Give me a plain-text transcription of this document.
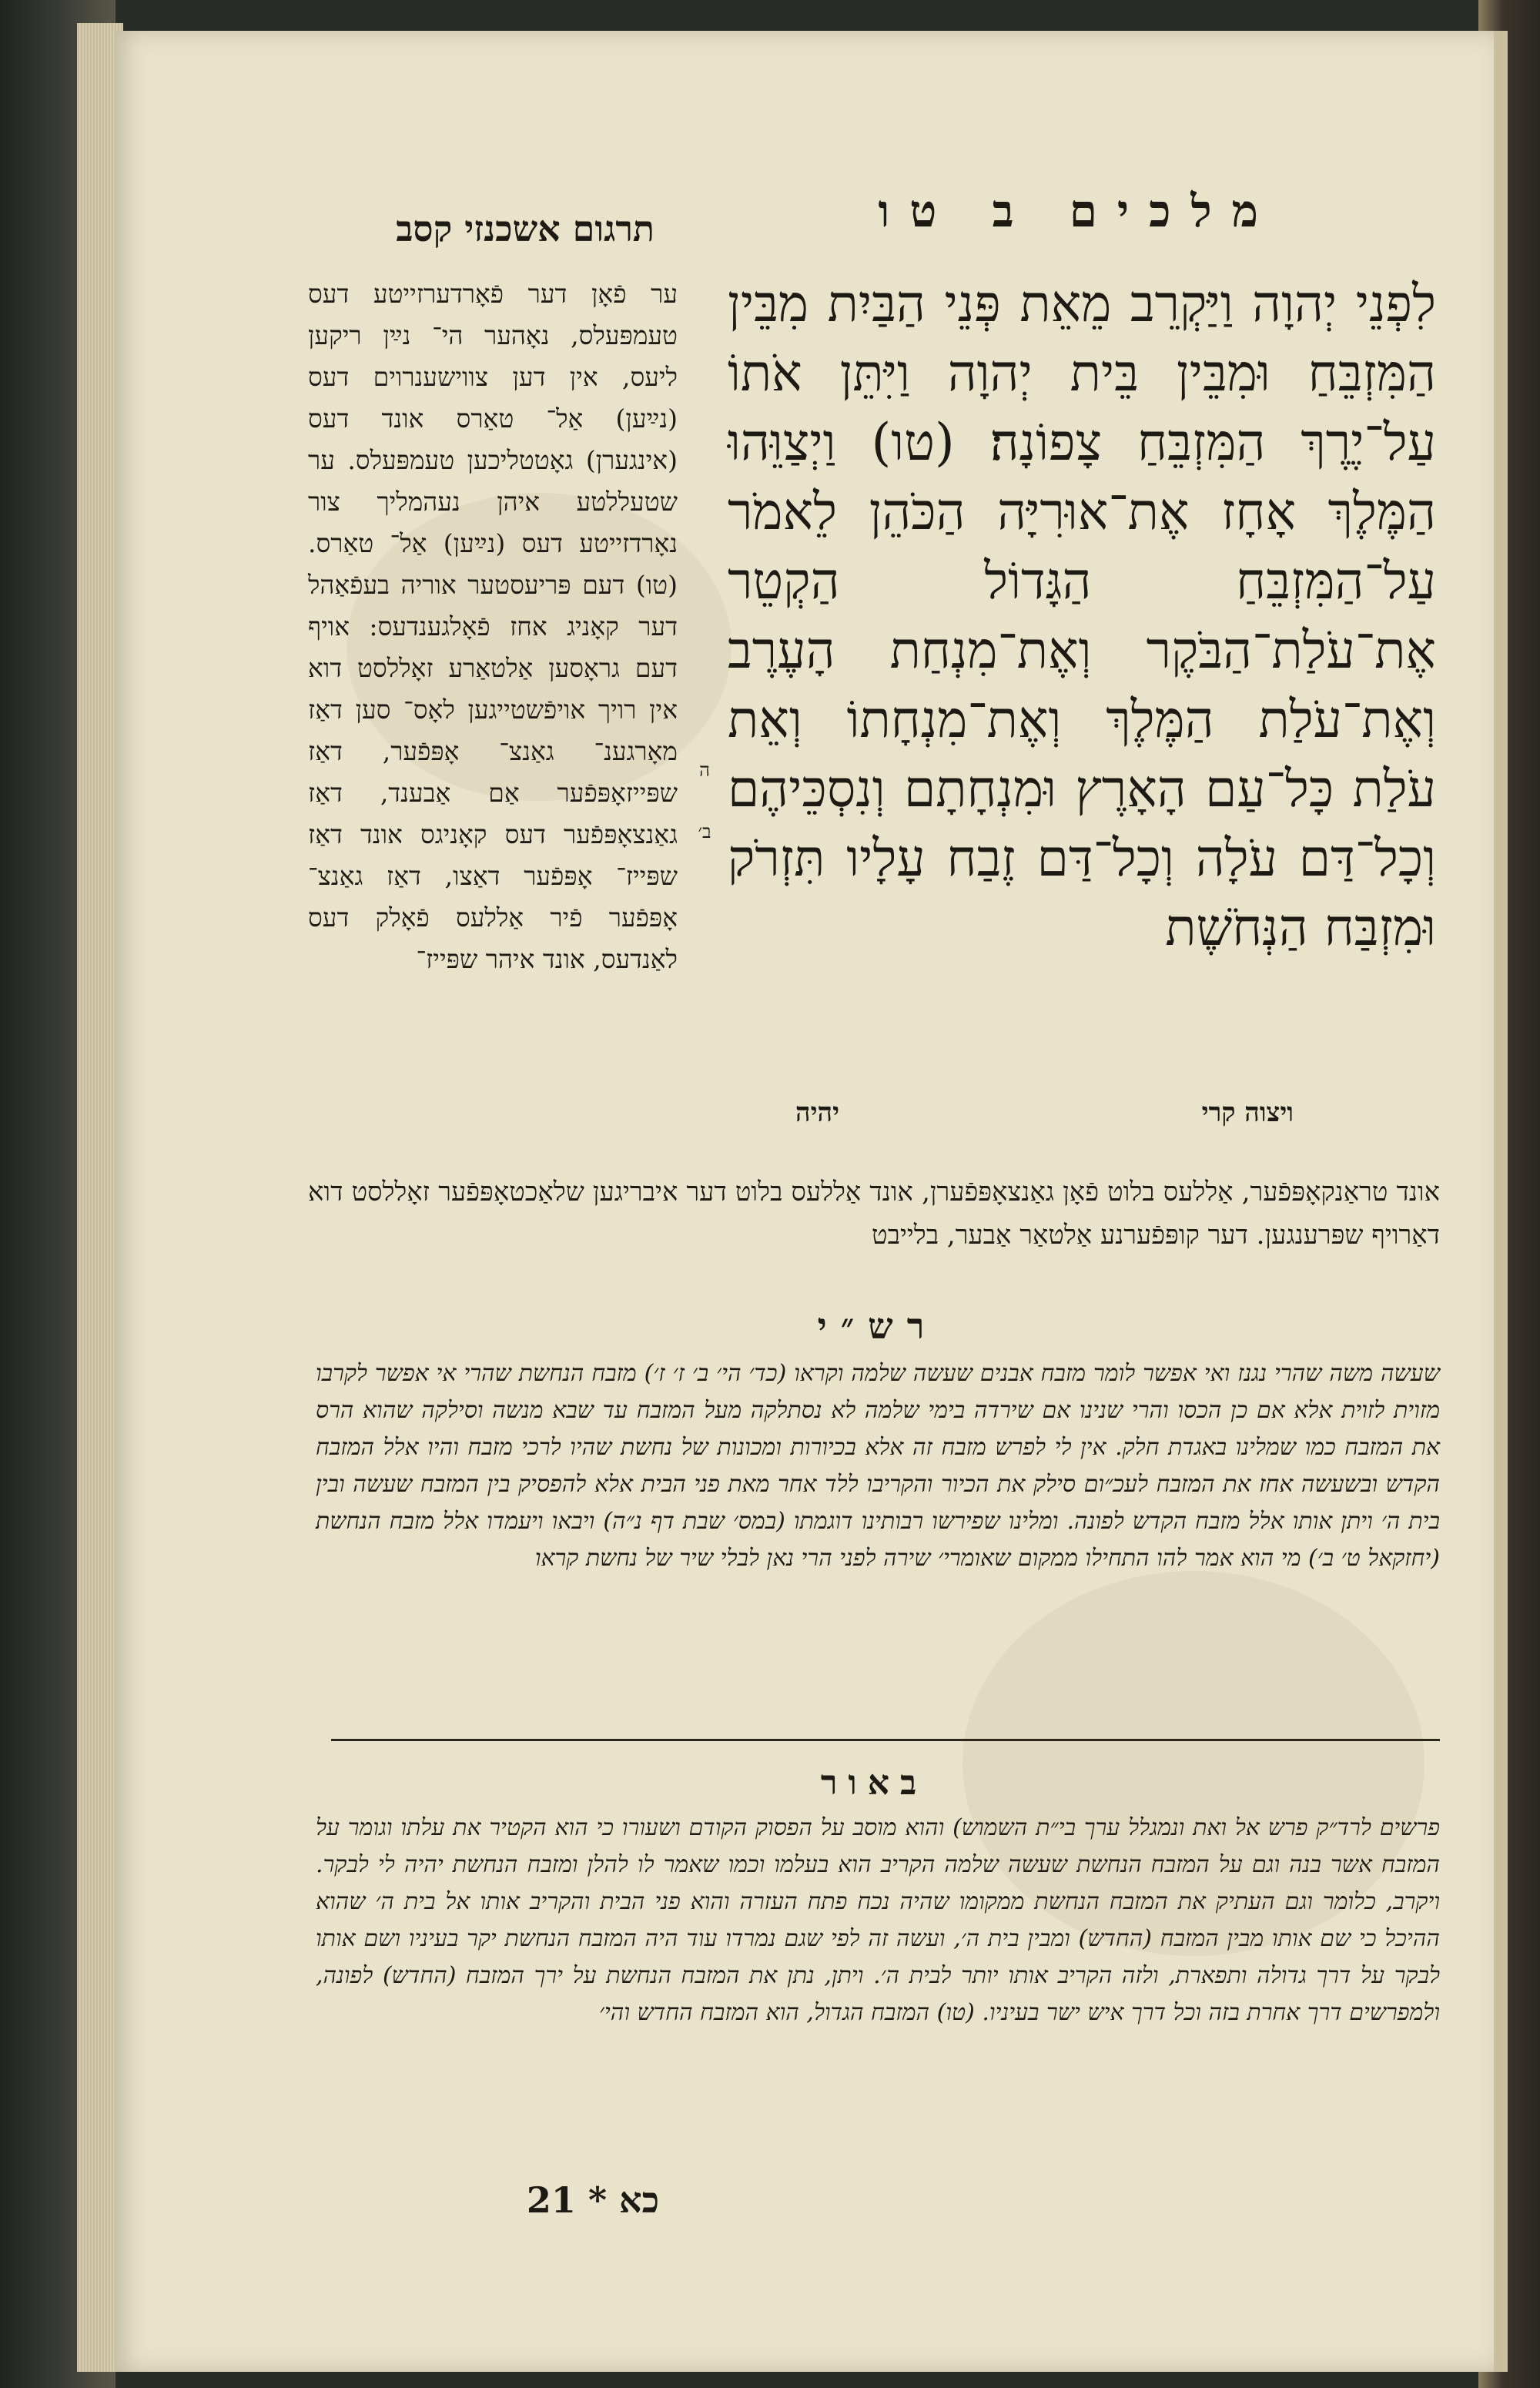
מלכים ב טו
תרגום אשכנזי קסב
לִפְנֵי יְהוָה וַיַּקְרֵב מֵאֵת פְּנֵי הַבַּיִת מִבֵּין הַמִּזְבֵּחַ וּמִבֵּין בֵּית יְהוָה וַיִּתֵּן אֹתוֹ עַל־יֶרֶךְ הַמִּזְבֵּחַ צָפוֹנָה׃ (טו) וַיְצַוֵּהוּ הַמֶּלֶךְ אָחָז אֶת־אוּרִיָּה הַכֹּהֵן לֵאמֹר עַל־הַמִּזְבֵּחַ הַגָּדוֹל הַקְטֵר אֶת־עֹלַת־הַבֹּקֶר וְאֶת־מִנְחַת הָעֶרֶב וְאֶת־עֹלַת הַמֶּלֶךְ וְאֶת־מִנְחָתוֹ וְאֵת עֹלַת כָּל־עַם הָאָרֶץ וּמִנְחָתָם וְנִסְכֵּיהֶם וְכָל־דַּם עֹלָה וְכָל־דַּם זֶבַח עָלָיו תִּזְרֹק וּמִזְבַּח הַנְּחֹשֶׁת
ה
ב׳
ער פֿאָן דער פֿאָרדערזייטע דעס טעמפּעלס, נאָהער הי־ נײַן ריקען ליעס, אין דען צווישענרוים דעס (נײַען) אַל־ טאַרס אונד דעס (אינגערן) גאָטטליכען טעמפּעלס. ער שטעללטע איהן נעהמליך צור נאָרדזייטע דעס (נײַען) אַל־ טאַרס. (טו) דעם פּריעסטער אוריה בעפֿאַהל דער קאָניג אחז פֿאָלגענדעס: אויף דעם גראָסען אַלטאַרע זאָללסט דוא אין רויך אויפֿשטייגען לאָס־ סען דאַז מאָרגענ־ גאַנצ־ אָפּפֿער, דאַז שפּייזאָפּפֿער אַם אַבענד, דאַז גאַנצאָפּפֿער דעס קאָניגס אונד דאַז שפּייז־ אָפּפֿער דאַצו, דאַז גאַנצ־ אָפּפֿער פֿיר אַללעס פֿאָלק דעס לאַנדעס, אונד איהר שפּייז־
ויצוה קרי
יהיה
אונד טראַנקאָפּפֿער, אַללעס בלוט פֿאָן גאַנצאָפּפֿערן, אונד אַללעס בלוט דער איבריגען שלאַכטאָפּפֿער זאָללסט דוא דאַרויף שפּרענגען. דער קופּפֿערנע אַלטאַר אַבער, בלייבט
רש״י
שעשה משה שהרי נגנז ואי אפשר לומר מזבח אבנים שעשה שלמה וקראו (כד׳ הי׳ ב׳ ז׳ ז׳) מזבח הנחשת שהרי אי אפשר לקרבו מזוית לזוית אלא אם כן הכסו והרי שנינו אם שירדה בימי שלמה לא נסתלקה מעל המזבח עד שבא מנשה וסילקה שהוא הרס את המזבח כמו שמלינו באגדת חלק. אין לי לפרש מזבח זה אלא בכיורות ומכונות של נחשת שהיו לרכי מזבח והיו אלל המזבח הקדש ובשעשה אחז את המזבח לעכ״ום סילק את הכיור והקריבו ללד אחר מאת פני הבית אלא להפסיק בין המזבח שעשה ובין בית ה׳ ויתן אותו אלל מזבח הקדש לפונה. ומלינו שפירשו רבותינו דוגמתו (במס׳ שבת דף נ״ה) ויבאו ויעמדו אלל מזבח הנחשת (יחזקאל ט׳ ב׳) מי הוא אמר להו התחילו ממקום שאומרי׳ שירה לפני הרי נאן לבלי שיר של נחשת קראו
באור
פרשים לרד״ק פרש אל ואת ונמגלל ערך בי״ת השמוש) והוא מוסב על הפסוק הקודם ושעורו כי הוא הקטיר את עלתו וגומר על המזבח אשר בנה וגם על המזבח הנחשת שעשה שלמה הקריב הוא בעלמו וכמו שאמר לו להלן ומזבח הנחשת יהיה לי לבקר. ויקרב, כלומר וגם העתיק את המזבח הנחשת ממקומו שהיה נכח פתח העזרה והוא פני הבית והקריב אותו אל בית ה׳ שהוא ההיכל כי שם אותו מבין המזבח (החדש) ומבין בית ה׳, ועשה זה לפי שגם נמרדו עוד היה המזבח הנחשת יקר בעיניו ושם אותו לבקר על דרך גדולה ותפארת, ולזה הקריב אותו יותר לבית ה׳. ויתן, נתן את המזבח הנחשת על ירך המזבח (החדש) לפונה, ולמפרשים דרך אחרת בזה וכל דרך איש ישר בעיניו. (טו) המזבח הגדול, הוא המזבח החדש והי׳
21 * כא
